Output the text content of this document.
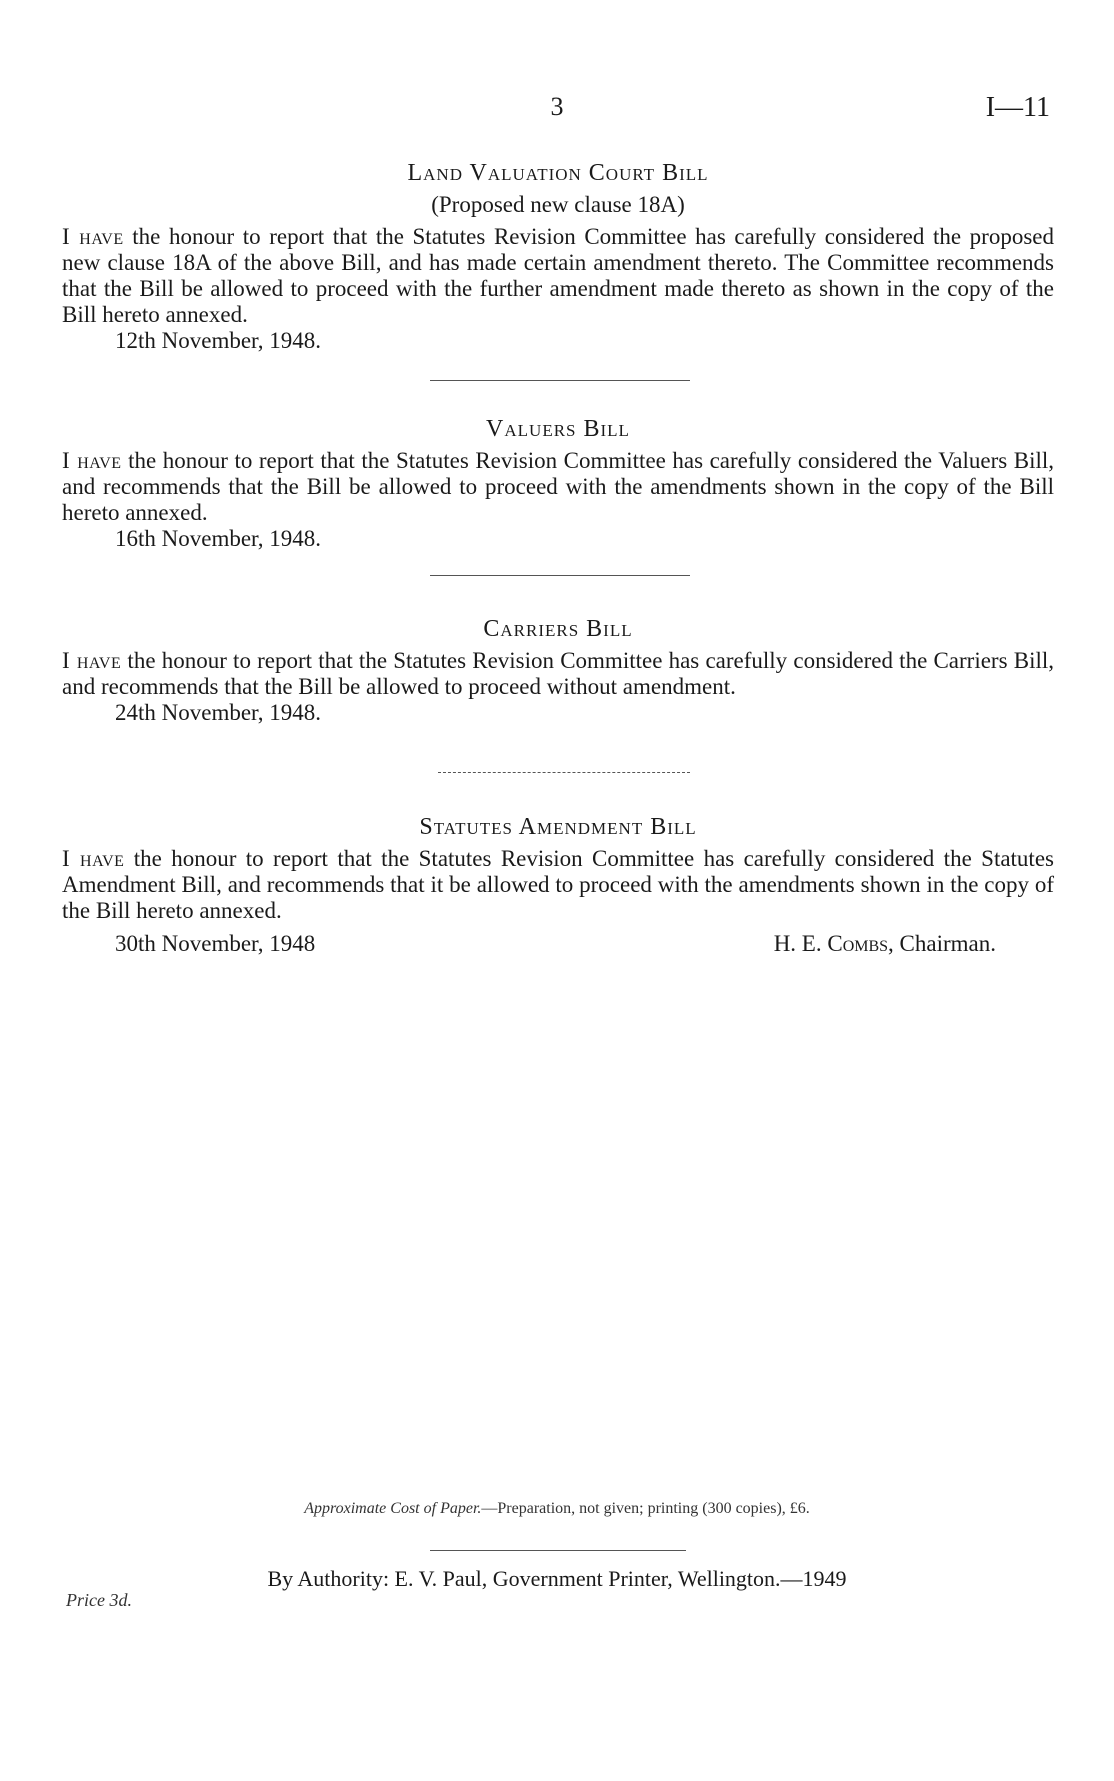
3	I—11
Land Valuation Court Bill
(Proposed new clause 18A)
I have the honour to report that the Statutes Revision Committee has carefully considered the proposed new clause 18A of the above Bill, and has made certain amendment thereto. The Committee recommends that the Bill be allowed to proceed with the further amendment made thereto as shown in the copy of the Bill hereto annexed.
12th November, 1948.
Valuers Bill
I have the honour to report that the Statutes Revision Committee has carefully considered the Valuers Bill, and recommends that the Bill be allowed to proceed with the amendments shown in the copy of the Bill hereto annexed.
16th November, 1948.
Carriers Bill
I have the honour to report that the Statutes Revision Committee has carefully considered the Carriers Bill, and recommends that the Bill be allowed to proceed without amendment.
24th November, 1948.
Statutes Amendment Bill
I have the honour to report that the Statutes Revision Committee has carefully considered the Statutes Amendment Bill, and recommends that it be allowed to proceed with the amendments shown in the copy of the Bill hereto annexed.
30th November, 1948	H. E. Combs, Chairman.
Approximate Cost of Paper.—Preparation, not given; printing (300 copies), £6.
By Authority: E. V. Paul, Government Printer, Wellington.—1949
Price 3d.
